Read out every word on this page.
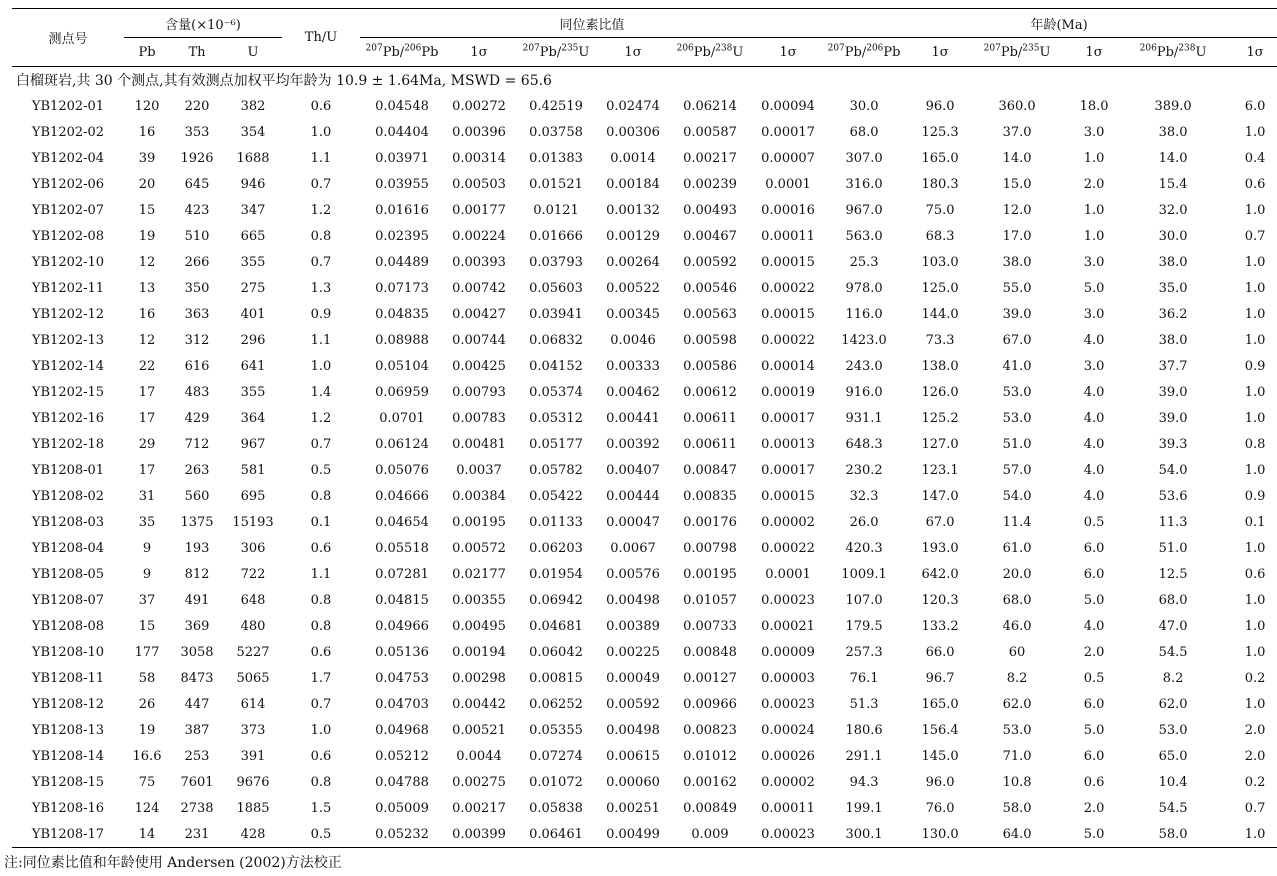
测点号	含量(×10⁻⁶)			Th/U	同位素比值						年龄(Ma)					
	Pb	Th	U		$^{207}$Pb/$^{206}$Pb	1σ	$^{207}$Pb/$^{235}$U	1σ	$^{206}$Pb/$^{238}$U	1σ	$^{207}$Pb/$^{206}$Pb	1σ	$^{207}$Pb/$^{235}$U	1σ	$^{206}$Pb/$^{238}$U	1σ
白榴斑岩,共 30 个测点,其有效测点加权平均年龄为 10.9 ± 1.64Ma, MSWD = 65.6																
YB1202-01	120	220	382	0.6	0.04548	0.00272	0.42519	0.02474	0.06214	0.00094	30.0	96.0	360.0	18.0	389.0	6.0
YB1202-02	16	353	354	1.0	0.04404	0.00396	0.03758	0.00306	0.00587	0.00017	68.0	125.3	37.0	3.0	38.0	1.0
YB1202-04	39	1926	1688	1.1	0.03971	0.00314	0.01383	0.0014	0.00217	0.00007	307.0	165.0	14.0	1.0	14.0	0.4
YB1202-06	20	645	946	0.7	0.03955	0.00503	0.01521	0.00184	0.00239	0.0001	316.0	180.3	15.0	2.0	15.4	0.6
YB1202-07	15	423	347	1.2	0.01616	0.00177	0.0121	0.00132	0.00493	0.00016	967.0	75.0	12.0	1.0	32.0	1.0
YB1202-08	19	510	665	0.8	0.02395	0.00224	0.01666	0.00129	0.00467	0.00011	563.0	68.3	17.0	1.0	30.0	0.7
YB1202-10	12	266	355	0.7	0.04489	0.00393	0.03793	0.00264	0.00592	0.00015	25.3	103.0	38.0	3.0	38.0	1.0
YB1202-11	13	350	275	1.3	0.07173	0.00742	0.05603	0.00522	0.00546	0.00022	978.0	125.0	55.0	5.0	35.0	1.0
YB1202-12	16	363	401	0.9	0.04835	0.00427	0.03941	0.00345	0.00563	0.00015	116.0	144.0	39.0	3.0	36.2	1.0
YB1202-13	12	312	296	1.1	0.08988	0.00744	0.06832	0.0046	0.00598	0.00022	1423.0	73.3	67.0	4.0	38.0	1.0
YB1202-14	22	616	641	1.0	0.05104	0.00425	0.04152	0.00333	0.00586	0.00014	243.0	138.0	41.0	3.0	37.7	0.9
YB1202-15	17	483	355	1.4	0.06959	0.00793	0.05374	0.00462	0.00612	0.00019	916.0	126.0	53.0	4.0	39.0	1.0
YB1202-16	17	429	364	1.2	0.0701	0.00783	0.05312	0.00441	0.00611	0.00017	931.1	125.2	53.0	4.0	39.0	1.0
YB1202-18	29	712	967	0.7	0.06124	0.00481	0.05177	0.00392	0.00611	0.00013	648.3	127.0	51.0	4.0	39.3	0.8
YB1208-01	17	263	581	0.5	0.05076	0.0037	0.05782	0.00407	0.00847	0.00017	230.2	123.1	57.0	4.0	54.0	1.0
YB1208-02	31	560	695	0.8	0.04666	0.00384	0.05422	0.00444	0.00835	0.00015	32.3	147.0	54.0	4.0	53.6	0.9
YB1208-03	35	1375	15193	0.1	0.04654	0.00195	0.01133	0.00047	0.00176	0.00002	26.0	67.0	11.4	0.5	11.3	0.1
YB1208-04	9	193	306	0.6	0.05518	0.00572	0.06203	0.0067	0.00798	0.00022	420.3	193.0	61.0	6.0	51.0	1.0
YB1208-05	9	812	722	1.1	0.07281	0.02177	0.01954	0.00576	0.00195	0.0001	1009.1	642.0	20.0	6.0	12.5	0.6
YB1208-07	37	491	648	0.8	0.04815	0.00355	0.06942	0.00498	0.01057	0.00023	107.0	120.3	68.0	5.0	68.0	1.0
YB1208-08	15	369	480	0.8	0.04966	0.00495	0.04681	0.00389	0.00733	0.00021	179.5	133.2	46.0	4.0	47.0	1.0
YB1208-10	177	3058	5227	0.6	0.05136	0.00194	0.06042	0.00225	0.00848	0.00009	257.3	66.0	60	2.0	54.5	1.0
YB1208-11	58	8473	5065	1.7	0.04753	0.00298	0.00815	0.00049	0.00127	0.00003	76.1	96.7	8.2	0.5	8.2	0.2
YB1208-12	26	447	614	0.7	0.04703	0.00442	0.06252	0.00592	0.00966	0.00023	51.3	165.0	62.0	6.0	62.0	1.0
YB1208-13	19	387	373	1.0	0.04968	0.00521	0.05355	0.00498	0.00823	0.00024	180.6	156.4	53.0	5.0	53.0	2.0
YB1208-14	16.6	253	391	0.6	0.05212	0.0044	0.07274	0.00615	0.01012	0.00026	291.1	145.0	71.0	6.0	65.0	2.0
YB1208-15	75	7601	9676	0.8	0.04788	0.00275	0.01072	0.00060	0.00162	0.00002	94.3	96.0	10.8	0.6	10.4	0.2
YB1208-16	124	2738	1885	1.5	0.05009	0.00217	0.05838	0.00251	0.00849	0.00011	199.1	76.0	58.0	2.0	54.5	0.7
YB1208-17	14	231	428	0.5	0.05232	0.00399	0.06461	0.00499	0.009	0.00023	300.1	130.0	64.0	5.0	58.0	1.0
注:同位素比值和年龄使用 Andersen (2002)方法校正
